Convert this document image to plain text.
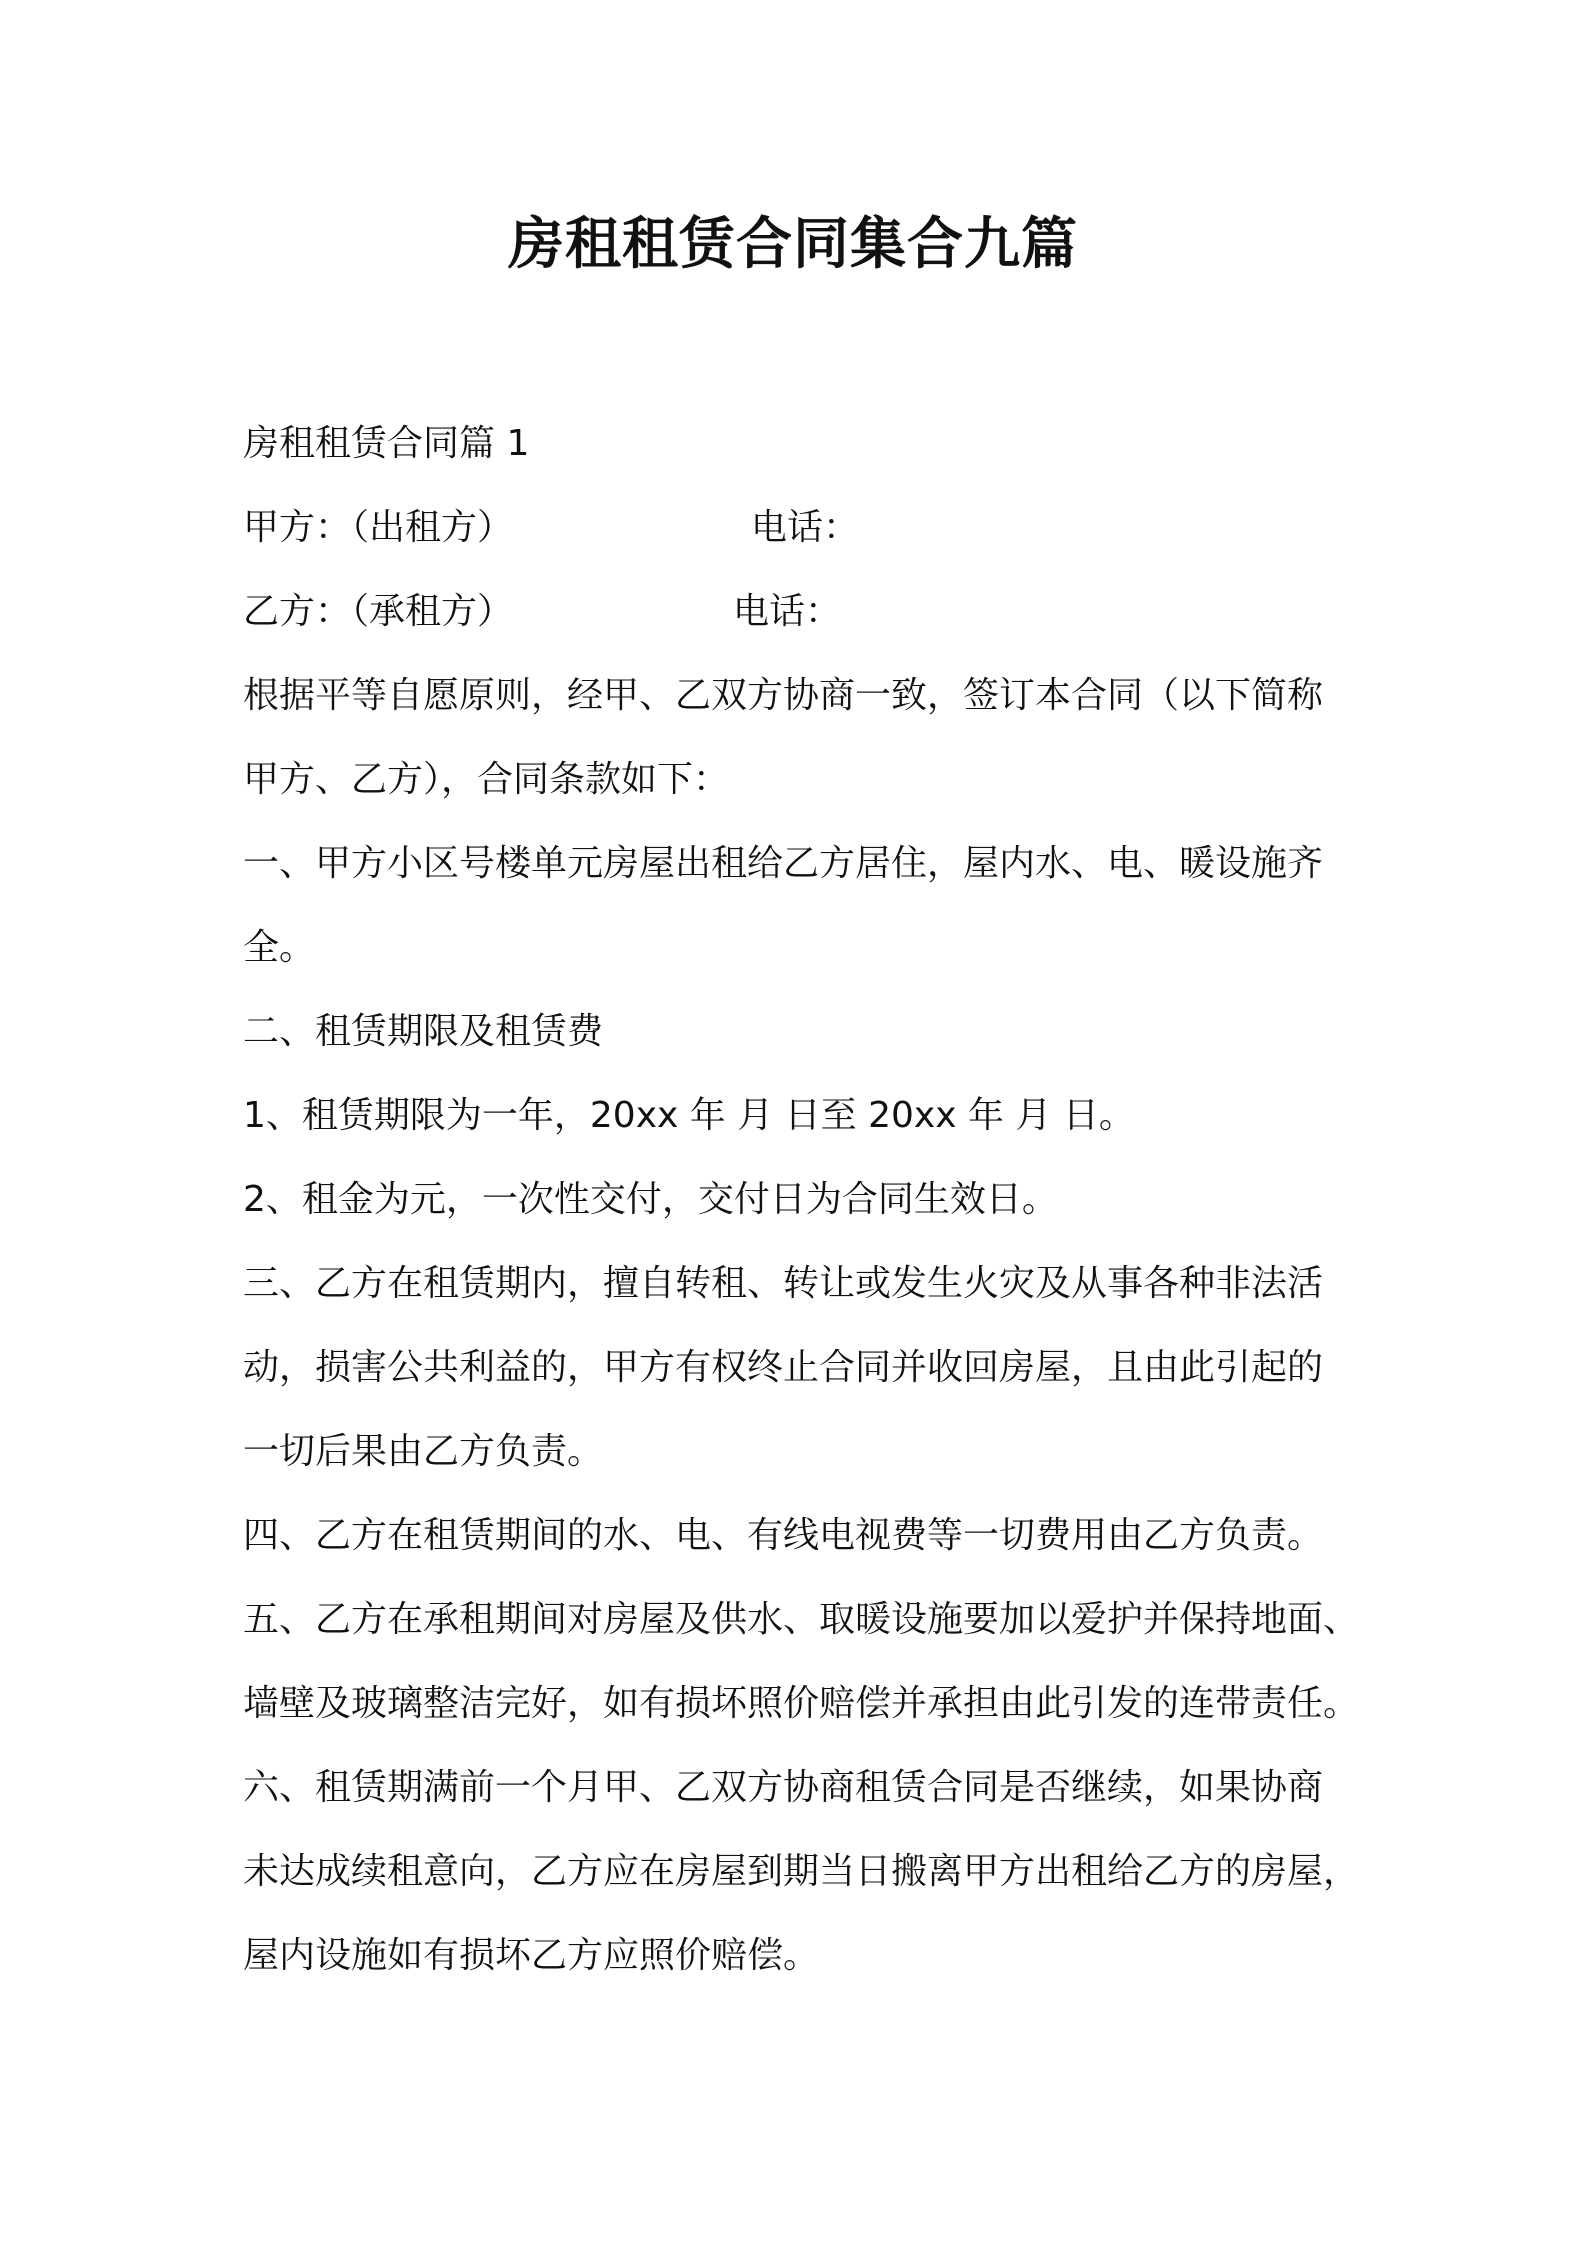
房租租赁合同集合九篇

房租租赁合同篇 1

甲方：（出租方）	电话：
乙方：（承租方）	电话：

根据平等自愿原则，经甲、乙双方协商一致，签订本合同（以下简称

甲方、乙方），合同条款如下：

一、甲方小区号楼单元房屋出租给乙方居住，屋内水、电、暖设施齐

全。

二、租赁期限及租赁费

1、租赁期限为一年，20xx 年 月 日至 20xx 年 月 日。

2、租金为元，一次性交付，交付日为合同生效日。

三、乙方在租赁期内，擅自转租、转让或发生火灾及从事各种非法活

动，损害公共利益的，甲方有权终止合同并收回房屋，且由此引起的

一切后果由乙方负责。

四、乙方在租赁期间的水、电、有线电视费等一切费用由乙方负责。

五、乙方在承租期间对房屋及供水、取暖设施要加以爱护并保持地面、

墙壁及玻璃整洁完好，如有损坏照价赔偿并承担由此引发的连带责任。

六、租赁期满前一个月甲、乙双方协商租赁合同是否继续，如果协商

未达成续租意向，乙方应在房屋到期当日搬离甲方出租给乙方的房屋，

屋内设施如有损坏乙方应照价赔偿。
